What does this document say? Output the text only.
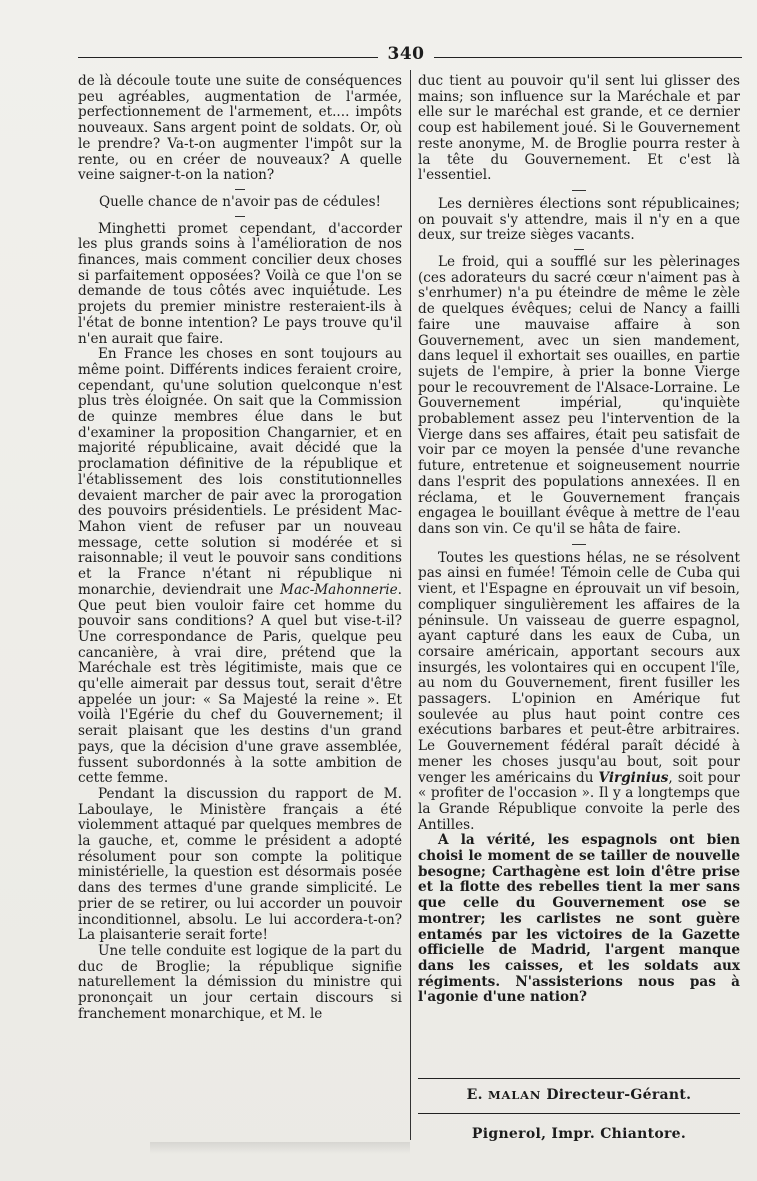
340

de là découle toute une suite de conséquences peu agréables, augmentation de l'armée, perfectionnement de l'armement, et.... impôts nouveaux. Sans argent point de soldats. Or, où le prendre? Va-t-on augmenter l'impôt sur la rente, ou en créer de nouveaux? A quelle veine saigner-t-on la nation?

Quelle chance de n'avoir pas de cédules!

Minghetti promet cependant, d'accorder les plus grands soins à l'amélioration de nos finances, mais comment concilier deux choses si parfaitement opposées? Voilà ce que l'on se demande de tous côtés avec inquiétude. Les projets du premier ministre resteraient-ils à l'état de bonne intention? Le pays trouve qu'il n'en aurait que faire.

En France les choses en sont toujours au même point. Différents indices feraient croire, cependant, qu'une solution quelconque n'est plus très éloignée. On sait que la Commission de quinze membres élue dans le but d'examiner la proposition Changarnier, et en majorité républicaine, avait décidé que la proclamation définitive de la république et l'établissement des lois constitutionnelles devaient marcher de pair avec la prorogation des pouvoirs présidentiels. Le président Mac-Mahon vient de refuser par un nouveau message, cette solution si modérée et si raisonnable; il veut le pouvoir sans conditions et la France n'étant ni république ni monarchie, deviendrait une Mac-Mahonnerie. Que peut bien vouloir faire cet homme du pouvoir sans conditions? A quel but vise-t-il? Une correspondance de Paris, quelque peu cancanière, à vrai dire, prétend que la Maréchale est très légitimiste, mais que ce qu'elle aimerait par dessus tout, serait d'être appelée un jour: « Sa Majesté la reine ». Et voilà l'Egérie du chef du Gouvernement; il serait plaisant que les destins d'un grand pays, que la décision d'une grave assemblée, fussent subordonnés à la sotte ambition de cette femme.

Pendant la discussion du rapport de M. Laboulaye, le Ministère français a été violemment attaqué par quelques membres de la gauche, et, comme le président a adopté résolument pour son compte la politique ministérielle, la question est désormais posée dans des termes d'une grande simplicité. Le prier de se retirer, ou lui accorder un pouvoir inconditionnel, absolu. Le lui accordera-t-on? La plaisanterie serait forte!

Une telle conduite est logique de la part du duc de Broglie; la république signifie naturellement la démission du ministre qui prononçait un jour certain discours si franchement monarchique, et M. le

duc tient au pouvoir qu'il sent lui glisser des mains; son influence sur la Maréchale et par elle sur le maréchal est grande, et ce dernier coup est habilement joué. Si le Gouvernement reste anonyme, M. de Broglie pourra rester à la tête du Gouvernement. Et c'est là l'essentiel.

Les dernières élections sont républicaines; on pouvait s'y attendre, mais il n'y en a que deux, sur treize sièges vacants.

Le froid, qui a soufflé sur les pèlerinages (ces adorateurs du sacré cœur n'aiment pas à s'enrhumer) n'a pu éteindre de même le zèle de quelques évêques; celui de Nancy a failli faire une mauvaise affaire à son Gouvernement, avec un sien mandement, dans lequel il exhortait ses ouailles, en partie sujets de l'empire, à prier la bonne Vierge pour le recouvrement de l'Alsace-Lorraine. Le Gouvernement impérial, qu'inquiète probablement assez peu l'intervention de la Vierge dans ses affaires, était peu satisfait de voir par ce moyen la pensée d'une revanche future, entretenue et soigneusement nourrie dans l'esprit des populations annexées. Il en réclama, et le Gouvernement français engagea le bouillant évêque à mettre de l'eau dans son vin. Ce qu'il se hâta de faire.

Toutes les questions hélas, ne se résolvent pas ainsi en fumée! Témoin celle de Cuba qui vient, et l'Espagne en éprouvait un vif besoin, compliquer singulièrement les affaires de la péninsule. Un vaisseau de guerre espagnol, ayant capturé dans les eaux de Cuba, un corsaire américain, apportant secours aux insurgés, les volontaires qui en occupent l'île, au nom du Gouvernement, firent fusiller les passagers. L'opinion en Amérique fut soulevée au plus haut point contre ces exécutions barbares et peut-être arbitraires. Le Gouvernement fédéral paraît décidé à mener les choses jusqu'au bout, soit pour venger les américains du Virginius, soit pour « profiter de l'occasion ». Il y a longtemps que la Grande République convoite la perle des Antilles.

A la vérité, les espagnols ont bien choisi le moment de se tailler de nouvelle besogne; Carthagène est loin d'être prise et la flotte des rebelles tient la mer sans que celle du Gouvernement ose se montrer; les carlistes ne sont guère entamés par les victoires de la Gazette officielle de Madrid, l'argent manque dans les caisses, et les soldats aux régiments. N'assisterions nous pas à l'agonie d'une nation?

E. MALAN Directeur-Gérant.
Pignerol, Impr. Chiantore.
